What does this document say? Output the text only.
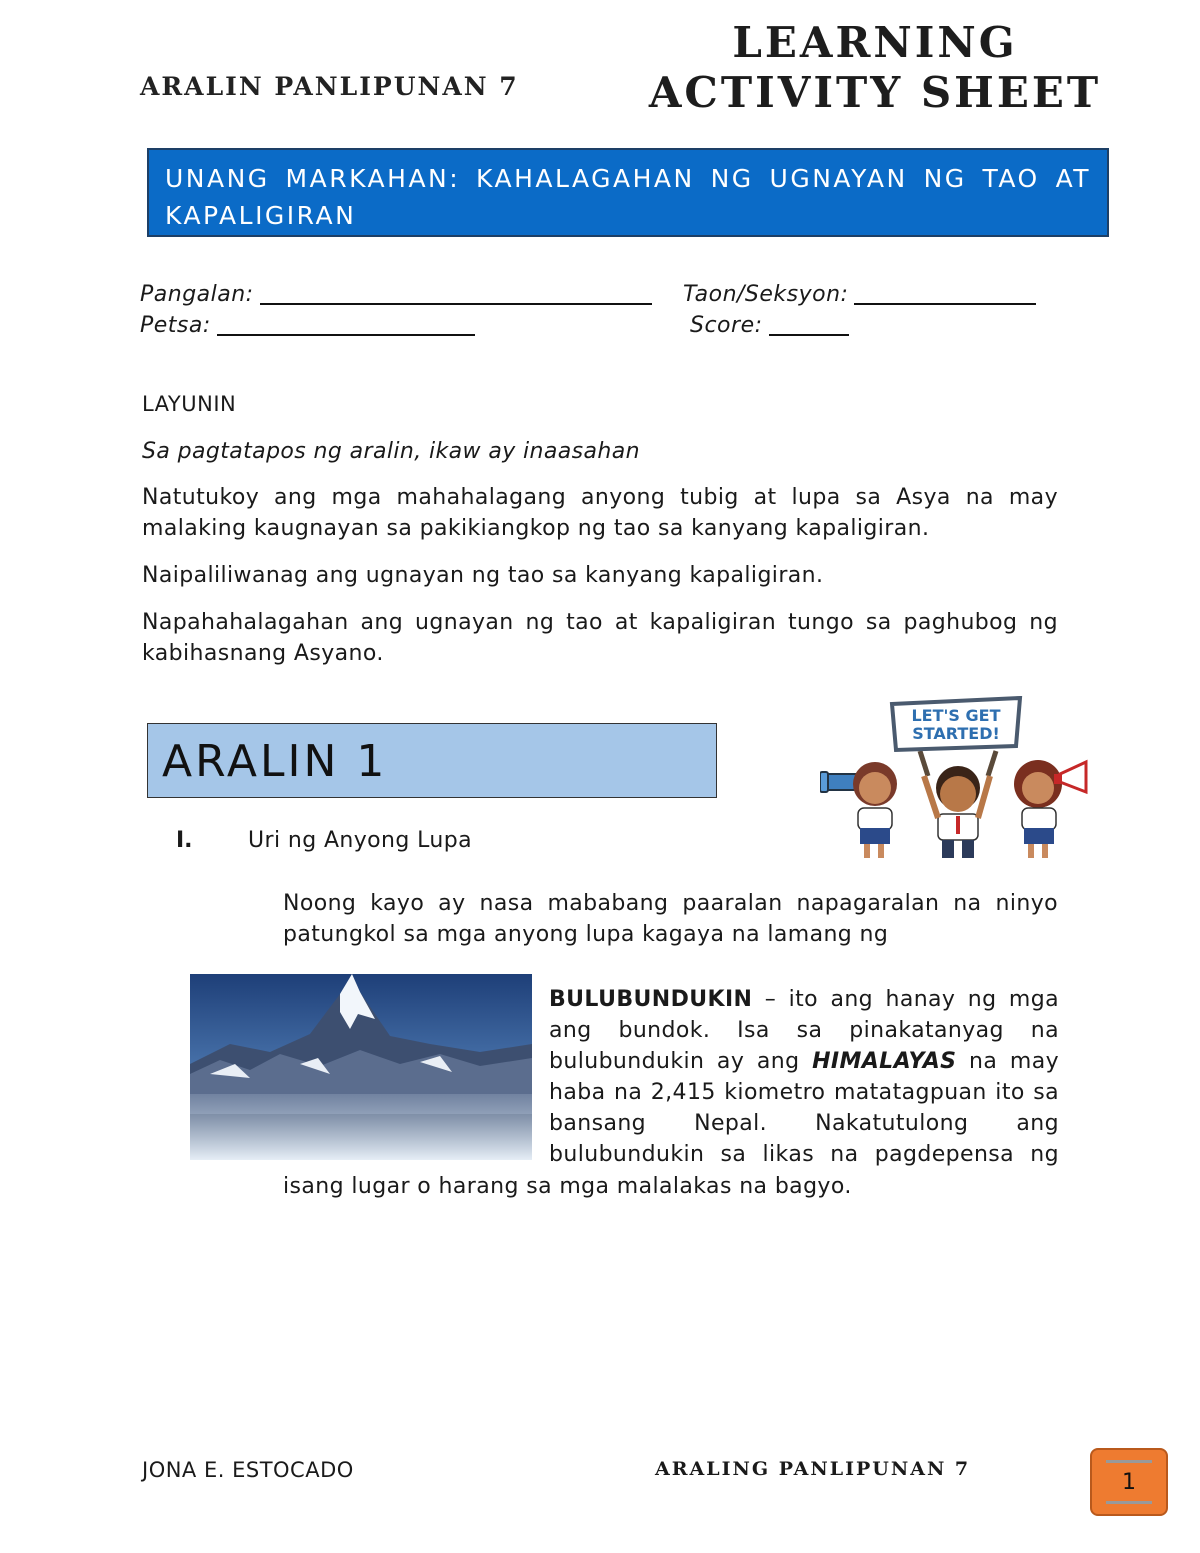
ARALIN PANLIPUNAN 7
LEARNING
ACTIVITY SHEET
UNANG MARKAHAN: KAHALAGAHAN NG UGNAYAN NG TAO AT KAPALIGIRAN
Pangalan:	Taon/Seksyon:
Petsa:	Score:
LAYUNIN
Sa pagtatapos ng aralin, ikaw ay inaasahan
Natutukoy ang mga mahahalagang anyong tubig at lupa sa Asya na may malaking kaugnayan sa pakikiangkop ng tao sa kanyang kapaligiran.
Naipaliliwanag ang ugnayan ng tao sa kanyang kapaligiran.
Napahahalagahan ang ugnayan ng tao at kapaligiran tungo sa paghubog ng kabihasnang Asyano.
ARALIN 1
LET'S GET
STARTED!
I.	Uri ng Anyong Lupa
Noong kayo ay nasa mababang paaralan napagaralan na ninyo patungkol sa mga anyong lupa kagaya na lamang ng
BULUBUNDUKIN – ito ang hanay ng mga ang bundok. Isa sa pinakatanyag na bulubundukin ay ang HIMALAYAS na may haba na 2,415 kiometro matatagpuan ito sa bansang Nepal. Nakatutulong ang bulubundukin sa likas na pagdepensa ng
isang lugar o harang sa mga malalakas na bagyo.
JONA E. ESTOCADO	ARALING PANLIPUNAN 7
1
